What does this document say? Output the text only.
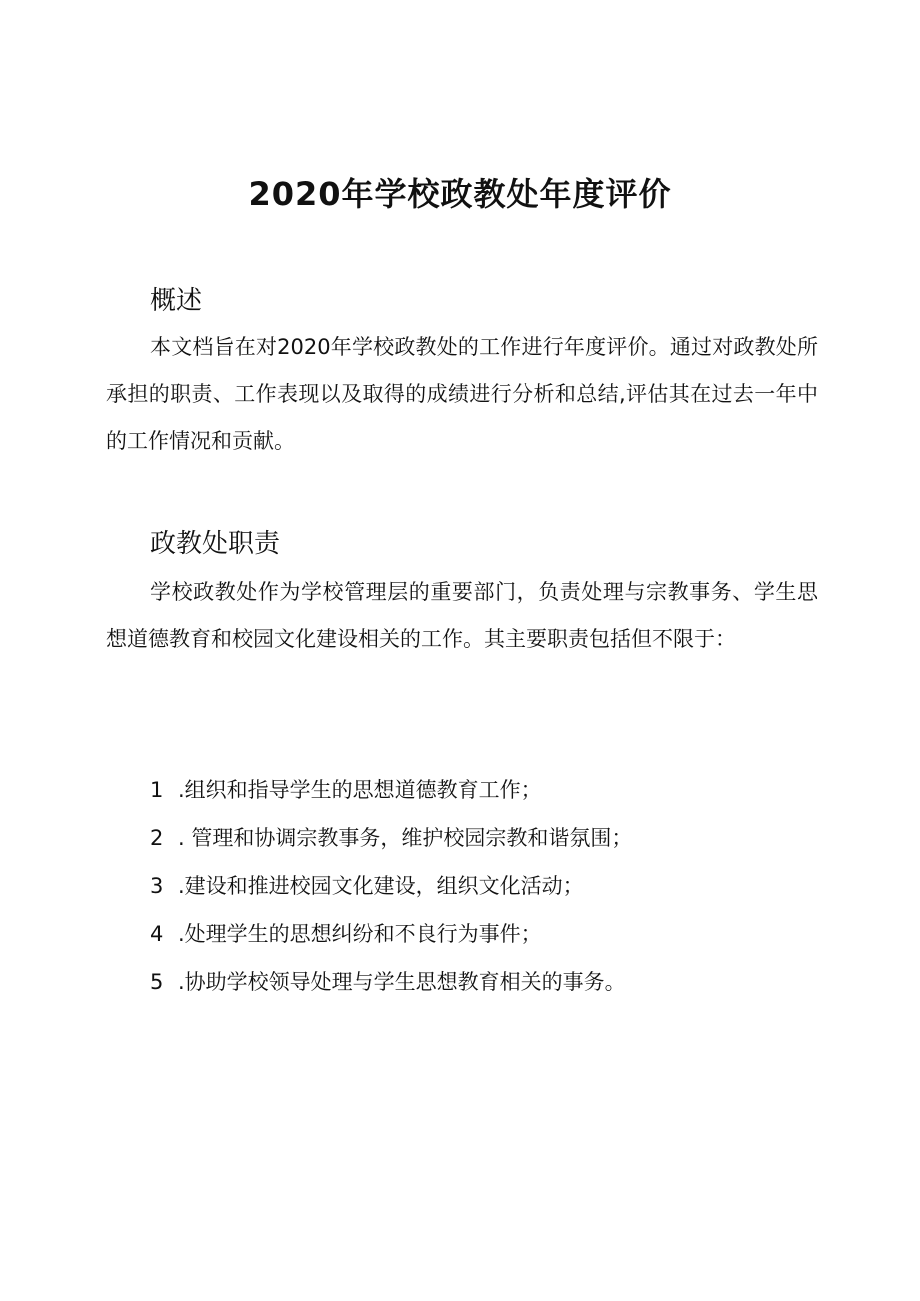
2020年学校政教处年度评价
概述

本文档旨在对2020年学校政教处的工作进行年度评价。通过对政教处所承担的职责、工作表现以及取得的成绩进行分析和总结,评估其在过去一年中的工作情况和贡献。

政教处职责

学校政教处作为学校管理层的重要部门，负责处理与宗教事务、学生思想道德教育和校园文化建设相关的工作。其主要职责包括但不限于：

1 .组织和指导学生的思想道德教育工作；
2 . 管理和协调宗教事务，维护校园宗教和谐氛围；
3 .建设和推进校园文化建设，组织文化活动；
4 .处理学生的思想纠纷和不良行为事件；
5 .协助学校领导处理与学生思想教育相关的事务。
